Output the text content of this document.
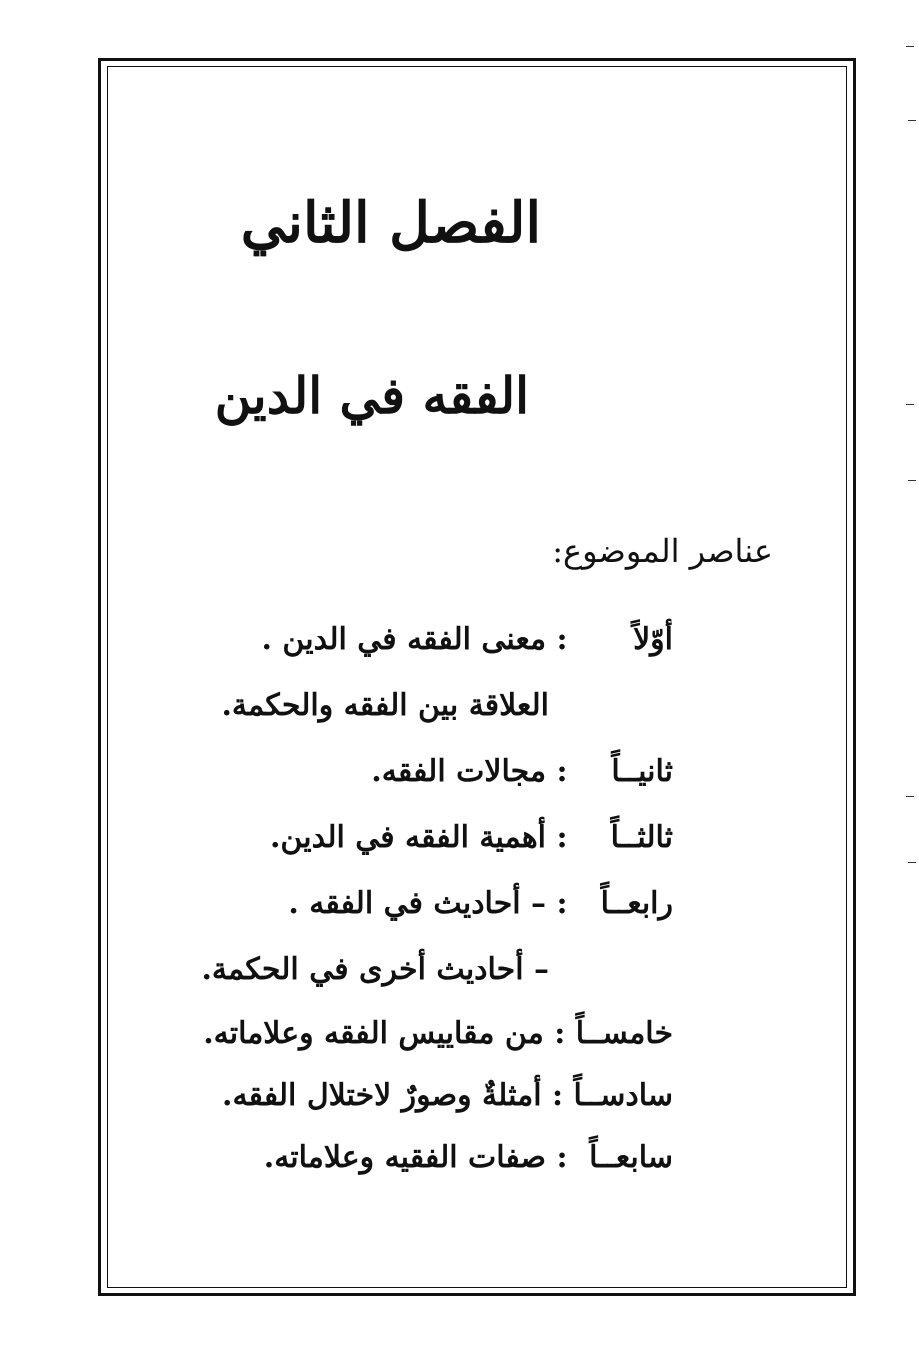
الفصل الثاني
الفقه في الدين
عناصر الموضوع:
أوّلاً : معنى الفقه في الدين .
العلاقة بين الفقه والحكمة.
ثانيــاً : مجالات الفقه.
ثالثــاً : أهمية الفقه في الدين.
رابعــاً : – أحاديث في الفقه .
– أحاديث أخرى في الحكمة.
خامســاً : من مقاييس الفقه وعلاماته.
سادســاً : أمثلةٌ وصورٌ لاختلال الفقه.
سابعــاً : صفات الفقيه وعلاماته.
